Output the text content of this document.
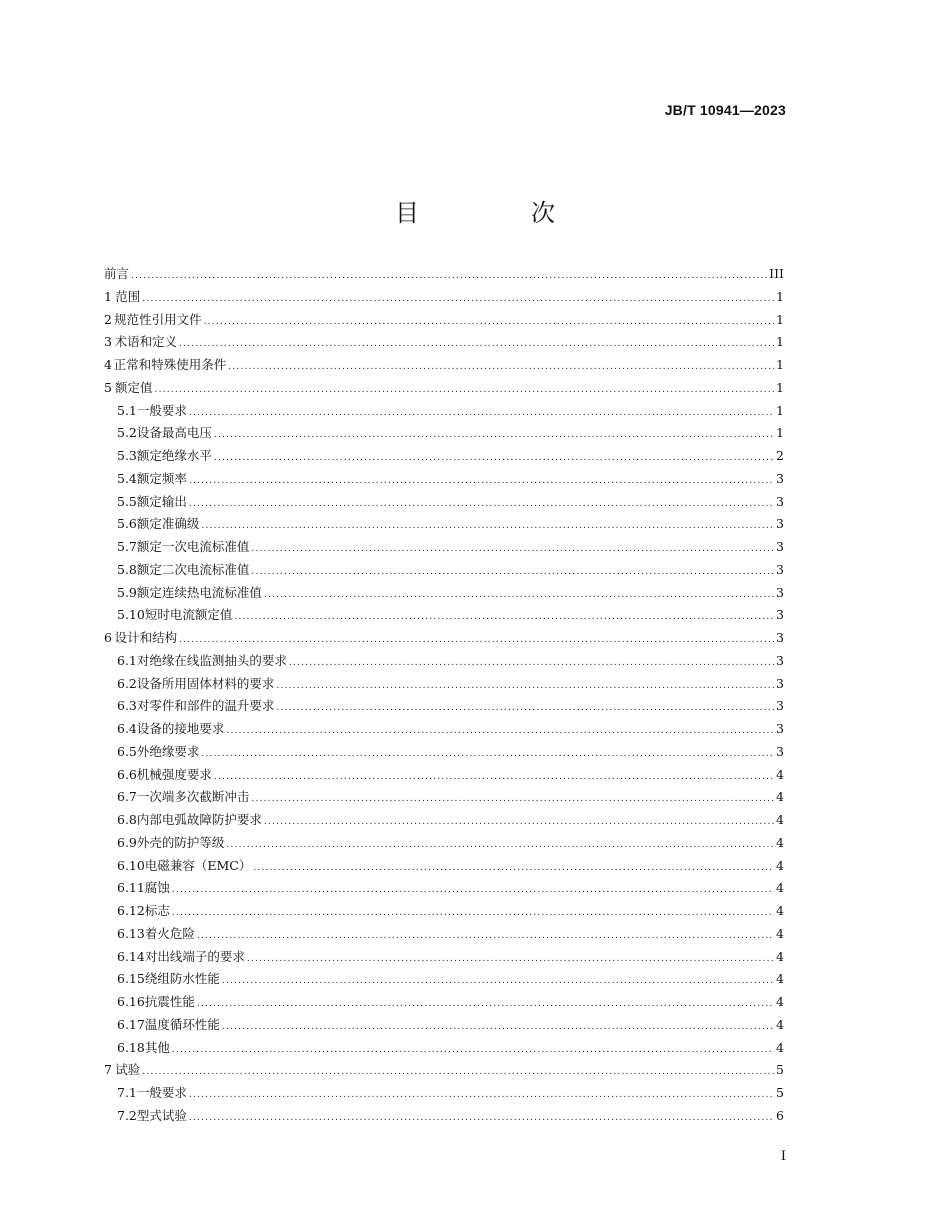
JB/T 10941—2023
目　次
前言 .....	III
1 范围 .....	1
2 规范性引用文件 .....	1
3 术语和定义 .....	1
4 正常和特殊使用条件 .....	1
5 额定值 .....	1
5.1 一般要求 .....	1
5.2 设备最高电压 .....	1
5.3 额定绝缘水平 .....	2
5.4 额定频率 .....	3
5.5 额定输出 .....	3
5.6 额定准确级 .....	3
5.7 额定一次电流标准值 .....	3
5.8 额定二次电流标准值 .....	3
5.9 额定连续热电流标准值 .....	3
5.10 短时电流额定值 .....	3
6 设计和结构 .....	3
6.1 对绝缘在线监测抽头的要求 .....	3
6.2 设备所用固体材料的要求 .....	3
6.3 对零件和部件的温升要求 .....	3
6.4 设备的接地要求 .....	3
6.5 外绝缘要求 .....	3
6.6 机械强度要求 .....	4
6.7 一次端多次截断冲击 .....	4
6.8 内部电弧故障防护要求 .....	4
6.9 外壳的防护等级 .....	4
6.10 电磁兼容（EMC） .....	4
6.11 腐蚀 .....	4
6.12 标志 .....	4
6.13 着火危险 .....	4
6.14 对出线端子的要求 .....	4
6.15 绕组防水性能 .....	4
6.16 抗震性能 .....	4
6.17 温度循环性能 .....	4
6.18 其他 .....	4
7 试验 .....	5
7.1 一般要求 .....	5
7.2 型式试验 .....	6
I
